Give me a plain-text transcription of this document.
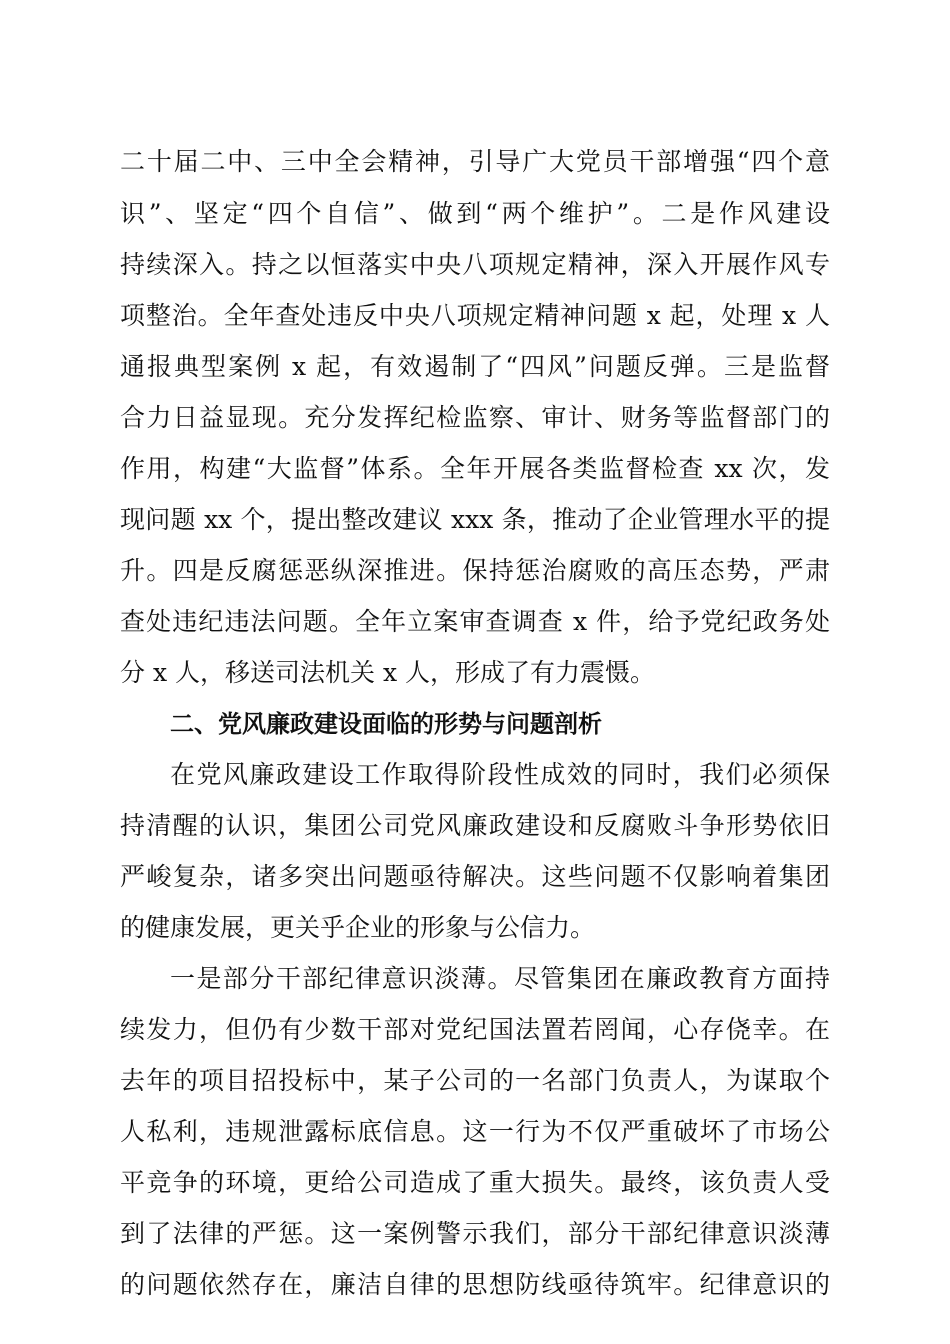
二十届二中、三中全会精神，引导广大党员干部增强“四个意
识”、坚定“四个自信”、做到“两个维护”。二是作风建设
持续深入。持之以恒落实中央八项规定精神，深入开展作风专
项整治。全年查处违反中央八项规定精神问题 x 起，处理 x 人
通报典型案例 x 起，有效遏制了“四风”问题反弹。三是监督
合力日益显现。充分发挥纪检监察、审计、财务等监督部门的
作用，构建“大监督”体系。全年开展各类监督检查 xx 次，发
现问题 xx 个，提出整改建议 xxx 条，推动了企业管理水平的提
升。四是反腐惩恶纵深推进。保持惩治腐败的高压态势，严肃
查处违纪违法问题。全年立案审查调查 x 件，给予党纪政务处
分 x 人，移送司法机关 x 人，形成了有力震慑。
二、党风廉政建设面临的形势与问题剖析
在党风廉政建设工作取得阶段性成效的同时，我们必须保
持清醒的认识，集团公司党风廉政建设和反腐败斗争形势依旧
严峻复杂，诸多突出问题亟待解决。这些问题不仅影响着集团
的健康发展，更关乎企业的形象与公信力。
一是部分干部纪律意识淡薄。尽管集团在廉政教育方面持
续发力，但仍有少数干部对党纪国法置若罔闻，心存侥幸。在
去年的项目招投标中，某子公司的一名部门负责人，为谋取个
人私利，违规泄露标底信息。这一行为不仅严重破坏了市场公
平竞争的环境，更给公司造成了重大损失。最终，该负责人受
到了法律的严惩。这一案例警示我们，部分干部纪律意识淡薄
的问题依然存在，廉洁自律的思想防线亟待筑牢。纪律意识的
